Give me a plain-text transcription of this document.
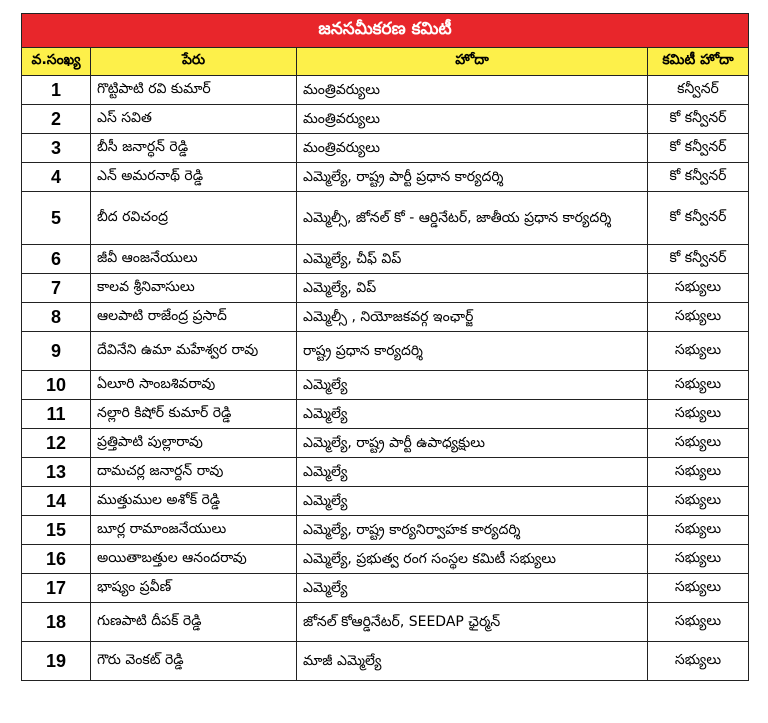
జనసమీకరణ కమిటీ			
వ.సంఖ్య	పేరు	హోదా	కమిటీ హోదా
1	గొట్టిపాటి రవి కుమార్	మంత్రివర్యులు	కన్వీనర్
2	ఎస్ సవిత	మంత్రివర్యులు	కో కన్వీనర్
3	బీసీ జనార్ధన్ రెడ్డి	మంత్రివర్యులు	కో కన్వీనర్
4	ఎన్ అమరనాథ్ రెడ్డి	ఎమ్మెల్యే, రాష్ట్ర పార్టీ ప్రధాన కార్యదర్శి	కో కన్వీనర్
5	బీద రవిచంద్ర	ఎమ్మెల్సీ, జోనల్ కో - ఆర్డినేటర్, జాతీయ ప్రధాన కార్యదర్శి	కో కన్వీనర్
6	జీవీ ఆంజనేయులు	ఎమ్మెల్యే, చీఫ్ విప్	కో కన్వీనర్
7	కాలవ శ్రీనివాసులు	ఎమ్మెల్యే, విప్	సభ్యులు
8	ఆలపాటి రాజేంద్ర ప్రసాద్	ఎమ్మెల్సీ , నియోజకవర్గ ఇంఛార్జ్	సభ్యులు
9	దేవినేని ఉమా మహేశ్వర రావు	రాష్ట్ర ప్రధాన కార్యదర్శి	సభ్యులు
10	ఏలూరి సాంబశివరావు	ఎమ్మెల్యే	సభ్యులు
11	నల్లారి కిషోర్ కుమార్ రెడ్డి	ఎమ్మెల్యే	సభ్యులు
12	ప్రత్తిపాటి పుల్లారావు	ఎమ్మెల్యే, రాష్ట్ర పార్టీ ఉపాధ్యక్షులు	సభ్యులు
13	దామచర్ల జనార్దన్ రావు	ఎమ్మెల్యే	సభ్యులు
14	ముత్తుముల అశోక్ రెడ్డి	ఎమ్మెల్యే	సభ్యులు
15	బూర్ల రామాంజనేయులు	ఎమ్మెల్యే, రాష్ట్ర కార్యనిర్వాహక కార్యదర్శి	సభ్యులు
16	అయితాబత్తుల ఆనందరావు	ఎమ్మెల్యే, ప్రభుత్వ రంగ సంస్థల కమిటీ సభ్యులు	సభ్యులు
17	భాష్యం ప్రవీణ్	ఎమ్మెల్యే	సభ్యులు
18	గుణపాటి దీపక్ రెడ్డి	జోనల్ కోఆర్డినేటర్, SEEDAP ఛైర్మన్	సభ్యులు
19	గౌరు వెంకట్ రెడ్డి	మాజీ ఎమ్మెల్యే	సభ్యులు
